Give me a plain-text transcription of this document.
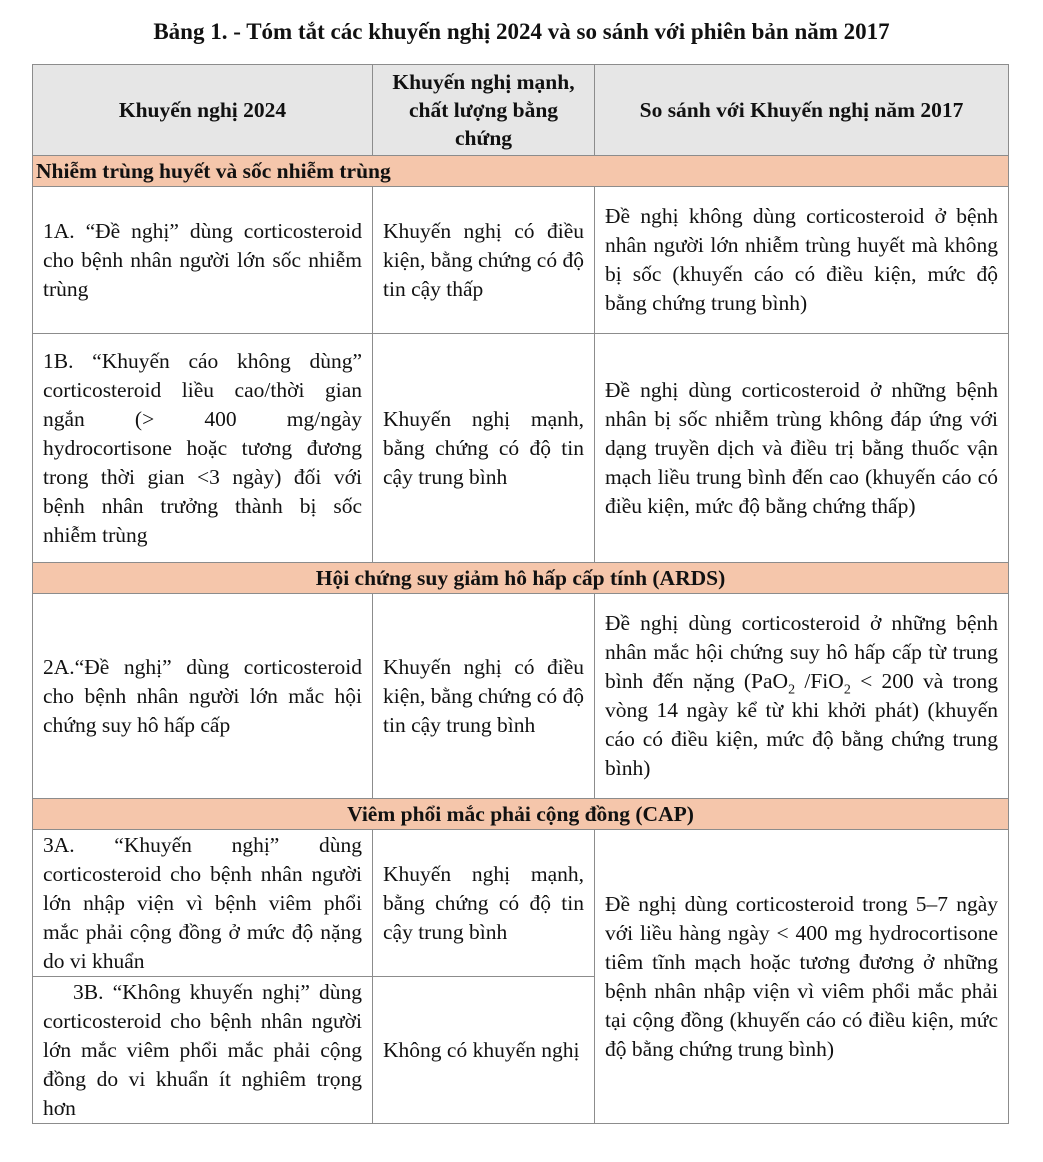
Bảng 1. - Tóm tắt các khuyến nghị 2024 và so sánh với phiên bản năm 2017
Khuyến nghị 2024	Khuyến nghị mạnh, chất lượng bằng chứng	So sánh với Khuyến nghị năm 2017
Nhiễm trùng huyết và sốc nhiễm trùng		
1A. “Đề nghị” dùng corticosteroid cho bệnh nhân người lớn sốc nhiễm trùng	Khuyến nghị có điều kiện, bằng chứng có độ tin cậy thấp	Đề nghị không dùng corticosteroid ở bệnh nhân người lớn nhiễm trùng huyết mà không bị sốc (khuyến cáo có điều kiện, mức độ bằng chứng trung bình)
1B. “Khuyến cáo không dùng” corticosteroid liều cao/thời gian ngắn (> 400 mg/ngày hydrocortisone hoặc tương đương trong thời gian <3 ngày) đối với bệnh nhân trưởng thành bị sốc nhiễm trùng	Khuyến nghị mạnh, bằng chứng có độ tin cậy trung bình	Đề nghị dùng corticosteroid ở những bệnh nhân bị sốc nhiễm trùng không đáp ứng với dạng truyền dịch và điều trị bằng thuốc vận mạch liều trung bình đến cao (khuyến cáo có điều kiện, mức độ bằng chứng thấp)
Hội chứng suy giảm hô hấp cấp tính (ARDS)		
2A.“Đề nghị” dùng corticosteroid cho bệnh nhân người lớn mắc hội chứng suy hô hấp cấp	Khuyến nghị có điều kiện, bằng chứng có độ tin cậy trung bình	Đề nghị dùng corticosteroid ở những bệnh nhân mắc hội chứng suy hô hấp cấp từ trung bình đến nặng (PaO$_2$ /FiO$_2$ < 200 và trong vòng 14 ngày kể từ khi khởi phát) (khuyến cáo có điều kiện, mức độ bằng chứng trung bình)
Viêm phổi mắc phải cộng đồng (CAP)		
3A. “Khuyến nghị” dùng corticosteroid cho bệnh nhân người lớn nhập viện vì bệnh viêm phổi mắc phải cộng đồng ở mức độ nặng do vi khuẩn	Khuyến nghị mạnh, bằng chứng có độ tin cậy trung bình	Đề nghị dùng corticosteroid trong 5–7 ngày với liều hàng ngày < 400 mg hydrocortisone tiêm tĩnh mạch hoặc tương đương ở những bệnh nhân nhập viện vì viêm phổi mắc phải tại cộng đồng (khuyến cáo có điều kiện, mức độ bằng chứng trung bình)

3B. “Không khuyến nghị” dùng corticosteroid cho bệnh nhân người lớn mắc viêm phổi mắc phải cộng đồng do vi khuẩn ít nghiêm trọng hơn	Không có khuyến nghị	
